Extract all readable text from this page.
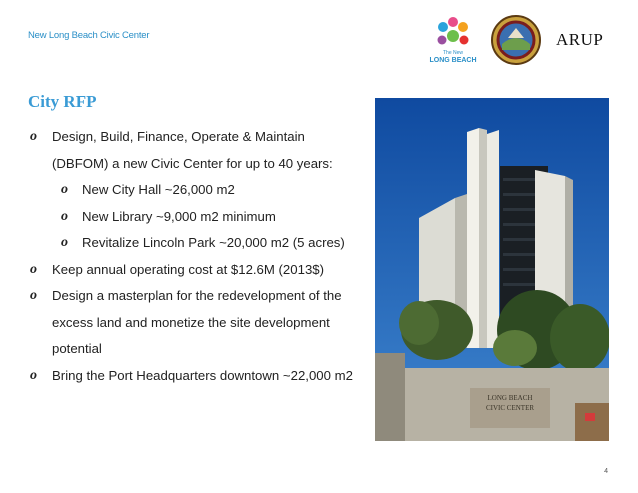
New Long Beach Civic Center
The New
LONG BEACH
ARUP
City RFP
o Design, Build, Finance, Operate & Maintain (DBFOM) a new Civic Center for up to 40 years:
o New City Hall ~26,000 m2
o New Library ~9,000 m2 minimum
o Revitalize Lincoln Park ~20,000 m2 (5 acres)
o Keep annual operating cost at $12.6M (2013$)
o Design a masterplan for the redevelopment of the excess land and monetize the site development potential
o Bring the Port Headquarters downtown ~22,000 m2
LONG BEACH
CIVIC CENTER
4
